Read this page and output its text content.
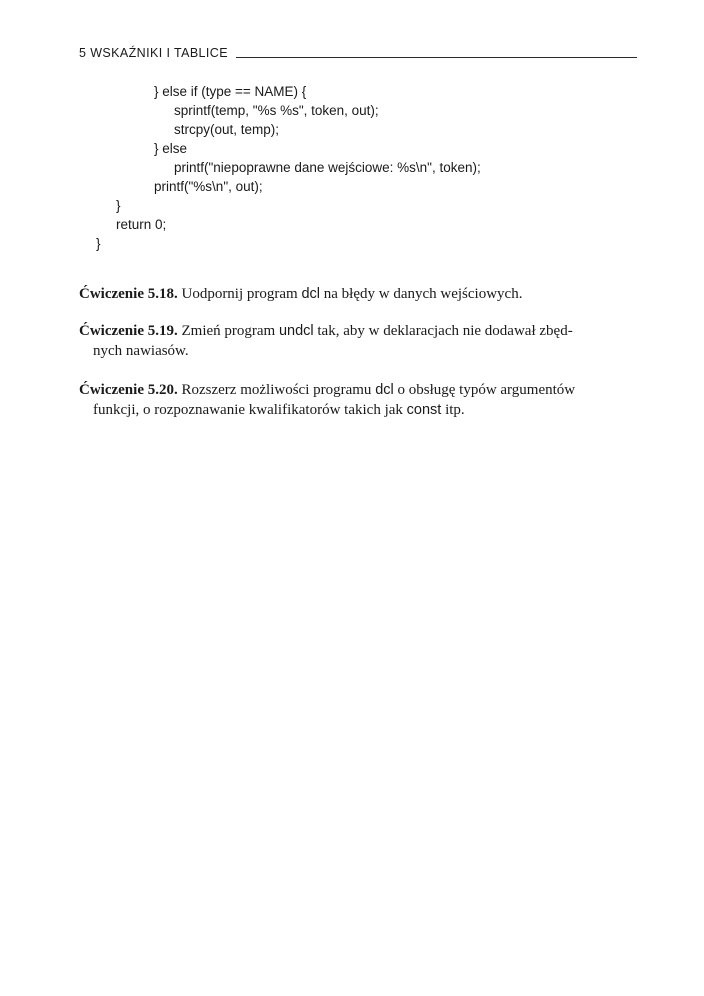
5 WSKAŹNIKI I TABLICE
} else if (type == NAME) {
sprintf(temp, "%s %s", token, out);
strcpy(out, temp);
} else
printf("niepoprawne dane wejściowe: %s\n", token);
printf("%s\n", out);
}
return 0;
}
Ćwiczenie 5.18. Uodpornij program dcl na błędy w danych wejściowych.
Ćwiczenie 5.19. Zmień program undcl tak, aby w deklaracjach nie dodawał zbęd-
nych nawiasów.
Ćwiczenie 5.20. Rozszerz możliwości programu dcl o obsługę typów argumentów
funkcji, o rozpoznawanie kwalifikatorów takich jak const itp.
